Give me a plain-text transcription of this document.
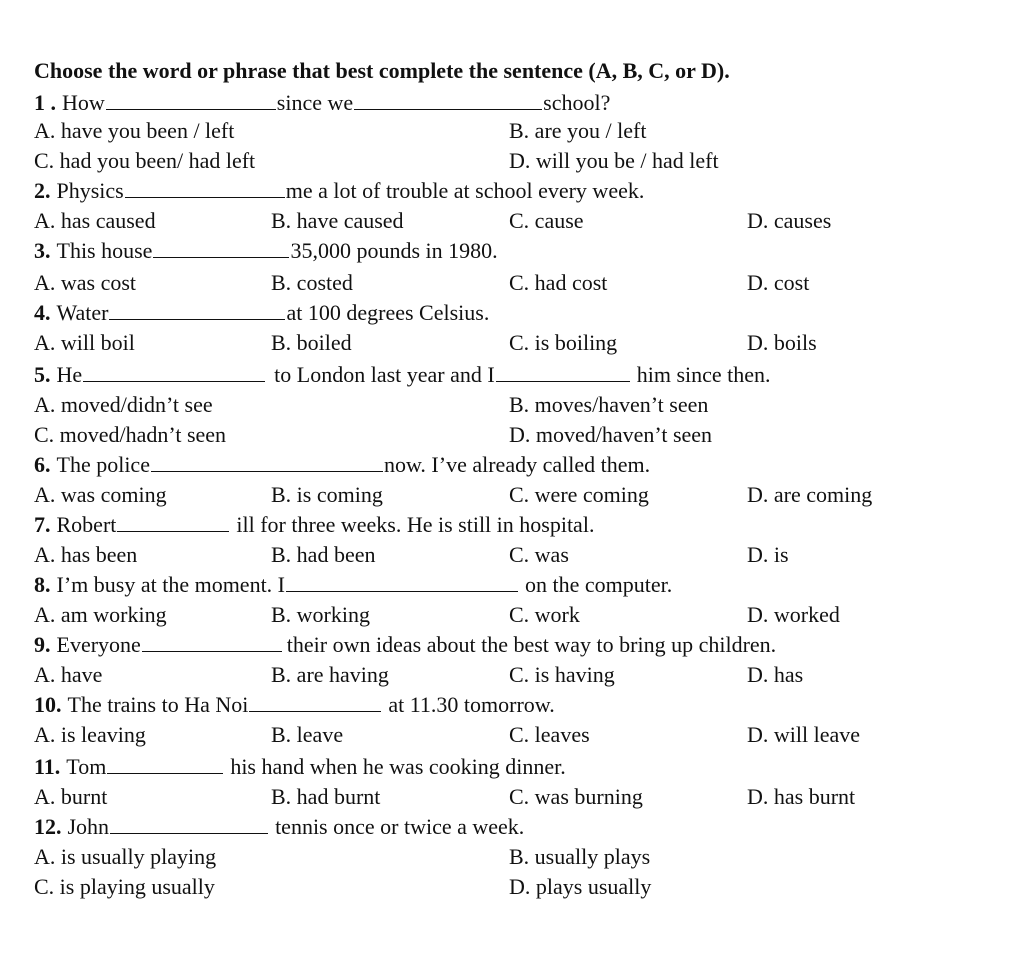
Choose the word or phrase that best complete the sentence (A, B, C, or D).
1 . How	since we	school?
A. have you been / left	B. are you / left
C. had you been/ had left	D. will you be / had left
2. Physics	me a lot of trouble at school every week.
A. has caused	B. have caused	C. cause	D. causes
3. This house	35,000 pounds in 1980.
A. was cost	B. costed	C. had cost	D. cost
4. Water	at 100 degrees Celsius.
A. will boil	B. boiled	C. is boiling	D. boils
5. He	to London last year and I	him since then.
A. moved/didn’t see	B. moves/haven’t seen
C. moved/hadn’t seen	D. moved/haven’t seen
6. The police	now. I’ve already called them.
A. was coming	B. is coming	C. were coming	D. are coming
7. Robert	ill for three weeks. He is still in hospital.
A. has been	B. had been	C. was	D. is
8. I’m busy at the moment. I	on the computer.
A. am working	B. working	C. work	D. worked
9. Everyone	their own ideas about the best way to bring up children.
A. have	B. are having	C. is having	D. has
10. The trains to Ha Noi	at 11.30 tomorrow.
A. is leaving	B. leave	C. leaves	D. will leave
11. Tom	his hand when he was cooking dinner.
A. burnt	B. had burnt	C. was burning	D. has burnt
12. John	tennis once or twice a week.
A. is usually playing	B. usually plays
C. is playing usually	D. plays usually
